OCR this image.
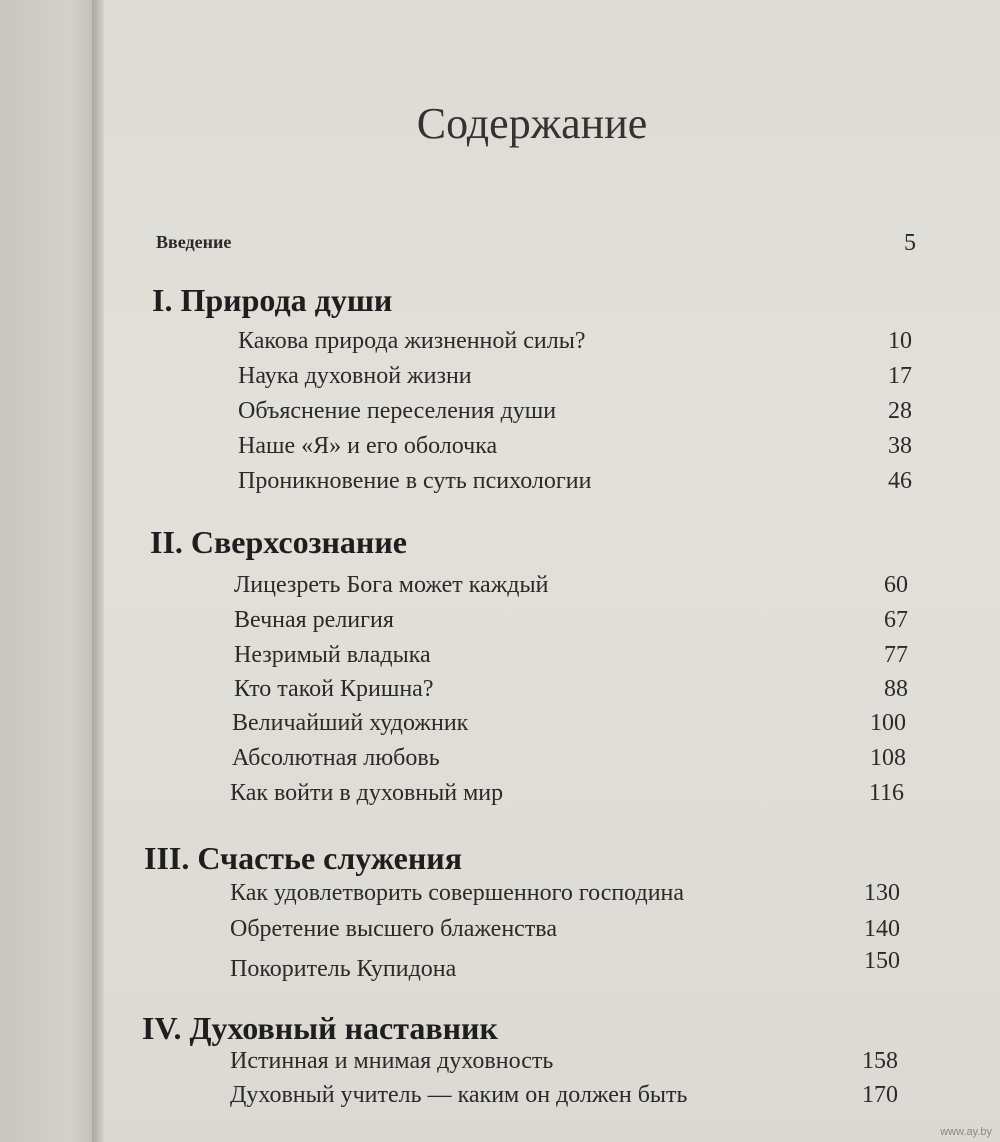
Содержание
Введение	5
I. Природа души
Какова природа жизненной силы?	10
Наука духовной жизни	17
Объяснение переселения души	28
Наше «Я» и его оболочка	38
Проникновение в суть психологии	46
II. Сверхсознание
Лицезреть Бога может каждый	60
Вечная религия	67
Незримый владыка	77
Кто такой Кришна?	88
Величайший художник	100
Абсолютная любовь	108
Как войти в духовный мир	116
III. Счастье служения
Как удовлетворить совершенного господина	130
Обретение высшего блаженства	140
Покоритель Купидона	150
IV. Духовный наставник
Истинная и мнимая духовность	158
Духовный учитель — каким он должен быть	170
www.ay.by
